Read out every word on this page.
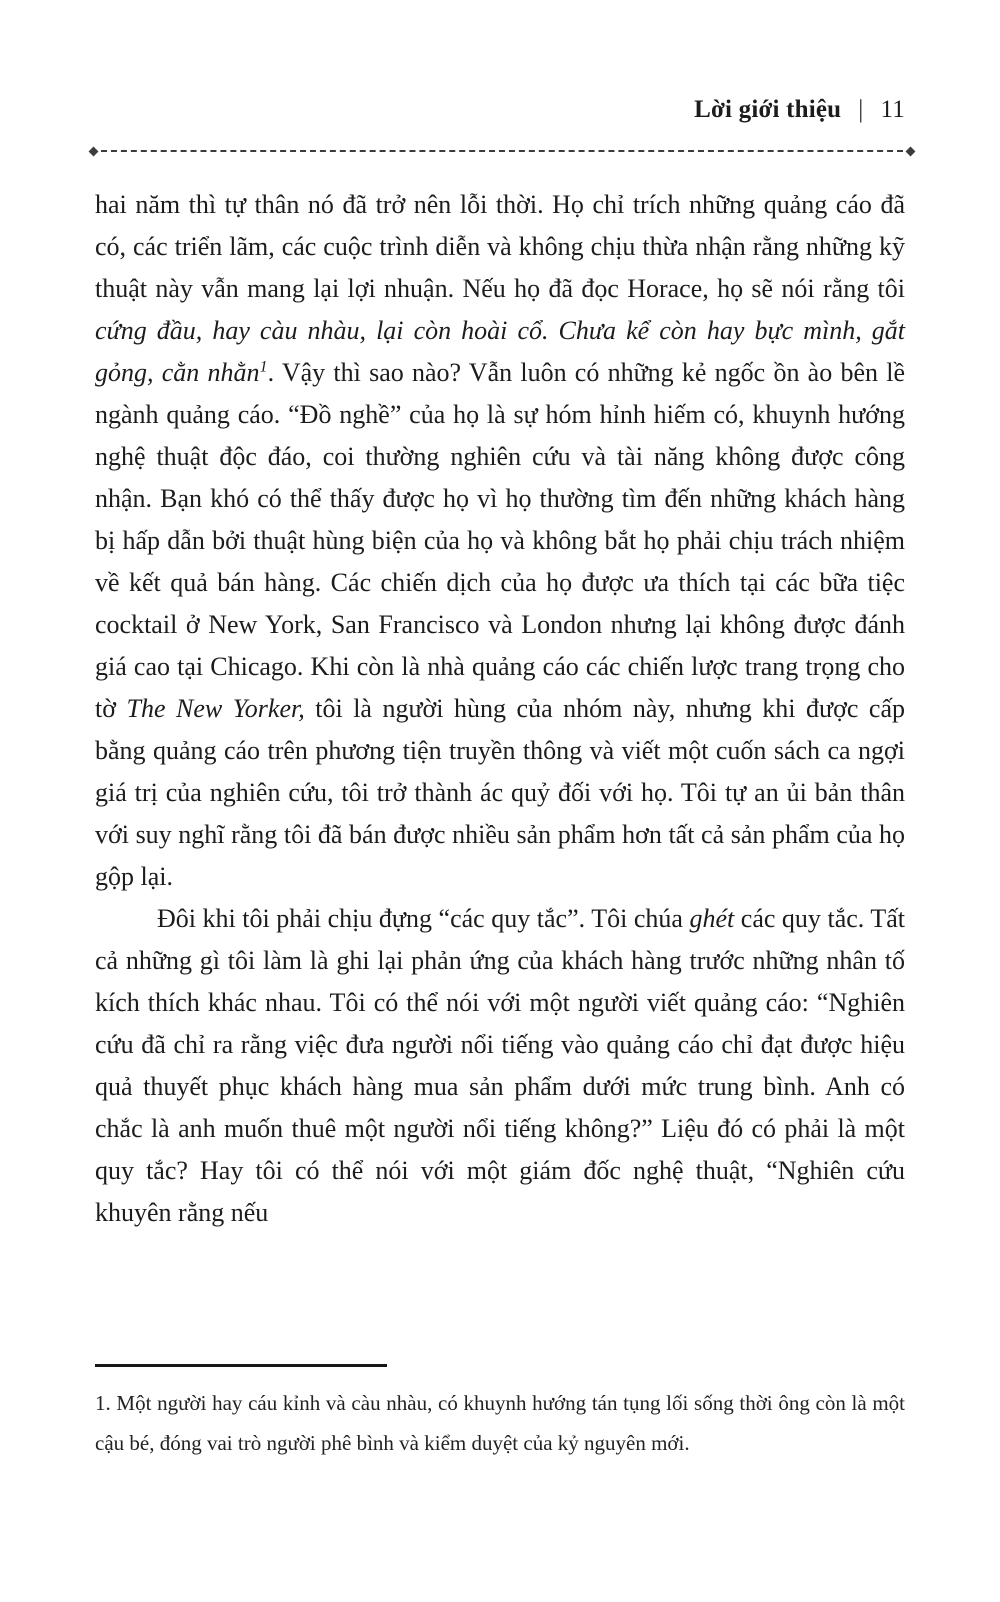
Lời giới thiệu | 11

hai năm thì tự thân nó đã trở nên lỗi thời. Họ chỉ trích những quảng cáo đã có, các triển lãm, các cuộc trình diễn và không chịu thừa nhận rằng những kỹ thuật này vẫn mang lại lợi nhuận. Nếu họ đã đọc Horace, họ sẽ nói rằng tôi cứng đầu, hay càu nhàu, lại còn hoài cổ. Chưa kể còn hay bực mình, gắt gỏng, cằn nhằn$^1$. Vậy thì sao nào? Vẫn luôn có những kẻ ngốc ồn ào bên lề ngành quảng cáo. “Đồ nghề” của họ là sự hóm hỉnh hiếm có, khuynh hướng nghệ thuật độc đáo, coi thường nghiên cứu và tài năng không được công nhận. Bạn khó có thể thấy được họ vì họ thường tìm đến những khách hàng bị hấp dẫn bởi thuật hùng biện của họ và không bắt họ phải chịu trách nhiệm về kết quả bán hàng. Các chiến dịch của họ được ưa thích tại các bữa tiệc cocktail ở New York, San Francisco và London nhưng lại không được đánh giá cao tại Chicago. Khi còn là nhà quảng cáo các chiến lược trang trọng cho tờ The New Yorker, tôi là người hùng của nhóm này, nhưng khi được cấp bằng quảng cáo trên phương tiện truyền thông và viết một cuốn sách ca ngợi giá trị của nghiên cứu, tôi trở thành ác quỷ đối với họ. Tôi tự an ủi bản thân với suy nghĩ rằng tôi đã bán được nhiều sản phẩm hơn tất cả sản phẩm của họ gộp lại.

Đôi khi tôi phải chịu đựng “các quy tắc”. Tôi chúa ghét các quy tắc. Tất cả những gì tôi làm là ghi lại phản ứng của khách hàng trước những nhân tố kích thích khác nhau. Tôi có thể nói với một người viết quảng cáo: “Nghiên cứu đã chỉ ra rằng việc đưa người nổi tiếng vào quảng cáo chỉ đạt được hiệu quả thuyết phục khách hàng mua sản phẩm dưới mức trung bình. Anh có chắc là anh muốn thuê một người nổi tiếng không?” Liệu đó có phải là một quy tắc? Hay tôi có thể nói với một giám đốc nghệ thuật, “Nghiên cứu khuyên rằng nếu

1. Một người hay cáu kỉnh và càu nhàu, có khuynh hướng tán tụng lối sống thời ông còn là một cậu bé, đóng vai trò người phê bình và kiểm duyệt của kỷ nguyên mới.
